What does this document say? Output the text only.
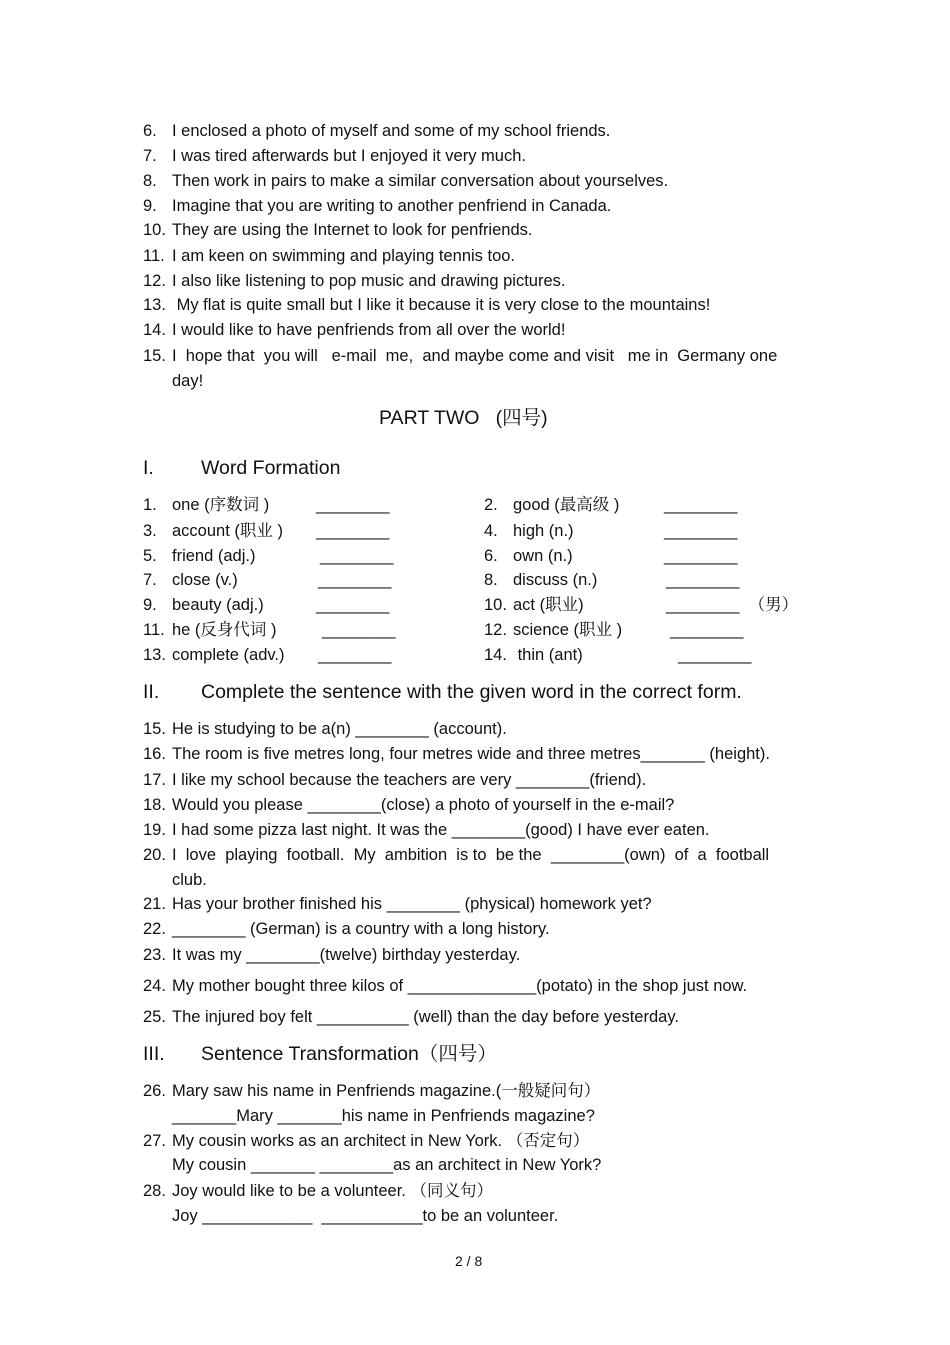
6. I enclosed a photo of myself and some of my school friends.
7. I was tired afterwards but I enjoyed it very much.
8. Then work in pairs to make a similar conversation about yourselves.
9. Imagine that you are writing to another penfriend in Canada.
10. They are using the Internet to look for penfriends.
11. I am keen on swimming and playing tennis too.
12. I also like listening to pop music and drawing pictures.
13. My flat is quite small but I like it because it is very close to the mountains!
14. I would like to have penfriends from all over the world!
15. I  hope that  you will   e-mail  me,  and maybe come and visit   me in  Germany one
day!
PART TWO   (四号)
I. Word Formation
II. Complete the sentence with the given word in the correct form.
III. Sentence Transformation（四号）
1. one (序数词 )	________	2. good (最高级 )	________
3. account (职业 ) ________	4. high (n.)	________
5. friend (adj.)	________	6. own (n.)	________
7. close (v.)	________	8. discuss (n.)	________
9. beauty (adj.)	________	10. act (职业)	________  （男）
11. he (反身代词 )	________	12. science (职业 )	________
13. complete (adv.) ________	14. thin (ant)	________
15. He is studying to be a(n) ________ (account).
16. The room is five metres long, four metres wide and three metres_______ (height).
17. I like my school because the teachers are very ________(friend).
18. Would you please ________(close) a photo of yourself in the e-mail?
19. I had some pizza last night. It was the ________(good) I have ever eaten.
20. I  love  playing  football.  My  ambition  is to  be the  ________(own)  of  a  football
club.
21. Has your brother finished his ________ (physical) homework yet?
22. ________ (German) is a country with a long history.
23. It was my ________(twelve) birthday yesterday.
24. My mother bought three kilos of ______________(potato) in the shop just now.
25. The injured boy felt __________ (well) than the day before yesterday.
26. Mary saw his name in Penfriends magazine.(一般疑问句）
_______Mary _______his name in Penfriends magazine?
27. My cousin works as an architect in New York. （否定句）
My cousin _______ ________as an architect in New York?
28. Joy would like to be a volunteer. （同义句）
Joy ____________  ___________to be an volunteer.
2 / 8
